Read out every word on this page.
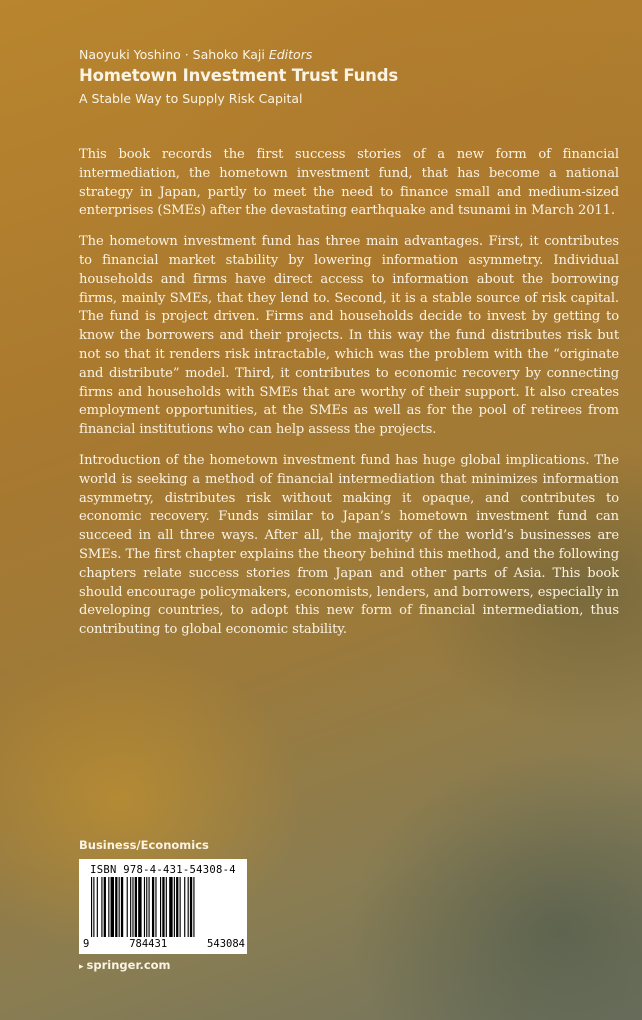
Naoyuki Yoshino · Sahoko Kaji Editors
Hometown Investment Trust Funds
A Stable Way to Supply Risk Capital

This book records the first success stories of a new form of financial intermediation, the hometown investment fund, that has become a national strategy in Japan, partly to meet the need to finance small and medium-sized enterprises (SMEs) after the devastating earthquake and tsunami in March 2011.

The hometown investment fund has three main advantages. First, it contributes to financial market stability by lowering information asymmetry. Individual households and firms have direct access to information about the borrowing firms, mainly SMEs, that they lend to. Second, it is a stable source of risk capital. The fund is project driven. Firms and households decide to invest by getting to know the borrowers and their projects. In this way the fund distributes risk but not so that it renders risk intractable, which was the problem with the “originate and distribute” model. Third, it contributes to economic recovery by connecting firms and households with SMEs that are worthy of their support. It also creates employment opportunities, at the SMEs as well as for the pool of retirees from financial institutions who can help assess the projects.

Introduction of the hometown investment fund has huge global implications. The world is seeking a method of financial intermediation that minimizes information asymmetry, distributes risk without making it opaque, and contributes to economic recovery. Funds similar to Japan’s hometown investment fund can succeed in all three ways. After all, the majority of the world’s businesses are SMEs. The first chapter explains the theory behind this method, and the following chapters relate success stories from Japan and other parts of Asia. This book should encourage policymakers, economists, lenders, and borrowers, especially in developing countries, to adopt this new form of financial intermediation, thus contributing to global economic stability.

Business/Economics
ISBN 978-4-431-54308-4
9	784431	543084
▸ springer.com
